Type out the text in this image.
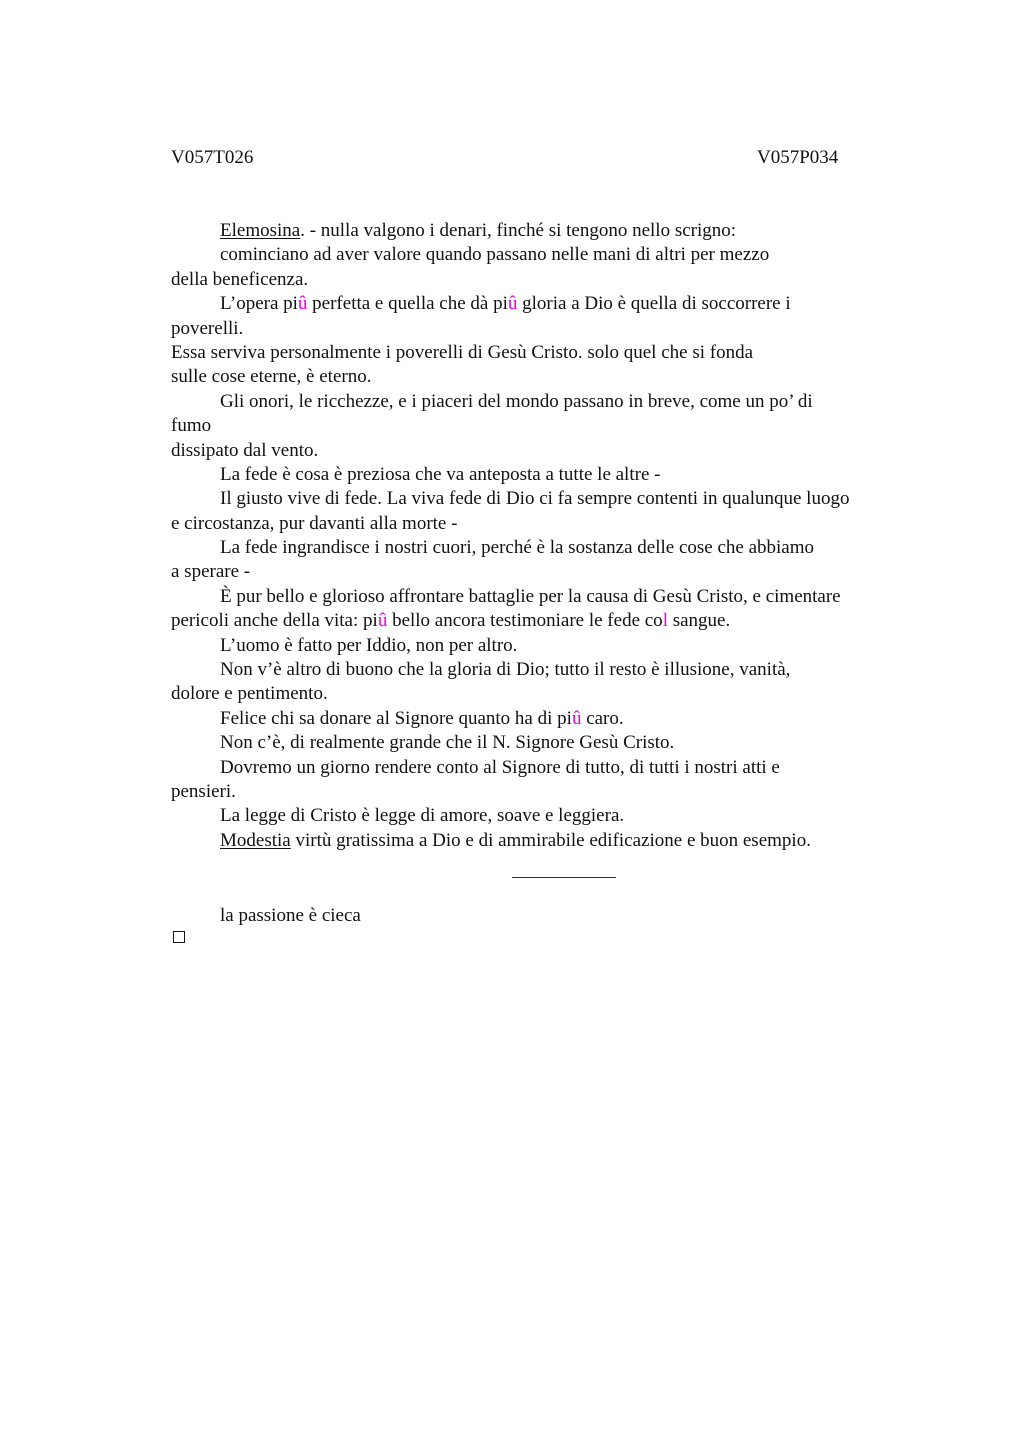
V057T026	V057P034
Elemosina. - nulla valgono i denari, finché si tengono nello scrigno:
cominciano ad aver valore quando passano nelle mani di altri per mezzo
della beneficenza.
L’opera piû perfetta e quella che dà piû gloria a Dio è quella di soccorrere i
poverelli.
Essa serviva personalmente i poverelli di Gesù Cristo. solo quel che si fonda
sulle cose eterne, è eterno.
Gli onori, le ricchezze, e i piaceri del mondo passano in breve, come un po’ di
fumo
dissipato dal vento.
La fede è cosa è preziosa che va anteposta a tutte le altre -
Il giusto vive di fede. La viva fede di Dio ci fa sempre contenti in qualunque luogo
e circostanza, pur davanti alla morte -
La fede ingrandisce i nostri cuori, perché è la sostanza delle cose che abbiamo
a sperare -
È pur bello e glorioso affrontare battaglie per la causa di Gesù Cristo, e cimentare
pericoli anche della vita: piû bello ancora testimoniare le fede col sangue.
L’uomo è fatto per Iddio, non per altro.
Non v’è altro di buono che la gloria di Dio; tutto il resto è illusione, vanità,
dolore e pentimento.
Felice chi sa donare al Signore quanto ha di piû caro.
Non c’è, di realmente grande che il N. Signore Gesù Cristo.
Dovremo un giorno rendere conto al Signore di tutto, di tutti i nostri atti e
pensieri.
La legge di Cristo è legge di amore, soave e leggiera.
Modestia virtù gratissima a Dio e di ammirabile edificazione e buon esempio.
la passione è cieca
